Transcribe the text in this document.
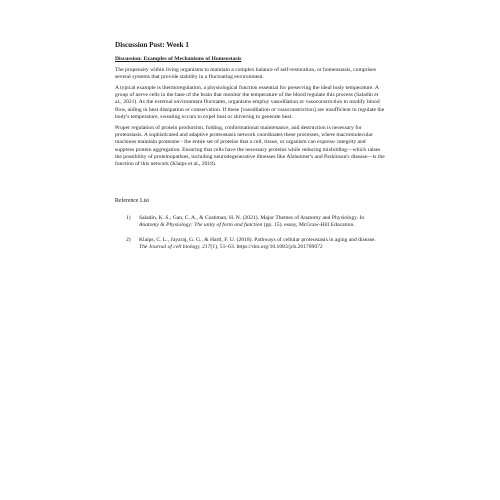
Discussion Post: Week 1
Discussion: Examples of Mechanisms of Homeostasis

The propensity within living organisms to maintain a complex balance of self-restoration, or homeostasis, comprises several systems that provide stability in a fluctuating environment.

A typical example is thermoregulation, a physiological function essential for preserving the ideal body temperature. A group of nerve cells in the base of the brain that monitor the temperature of the blood regulate this process (Saladin et al., 2021). As the external environment fluctuates, organisms employ vasodilation or vasoconstriction to modify blood flow, aiding in heat dissipation or conservation. If these [vasodilation or vasoconstriction] are insufficient to regulate the body's temperature, sweating occurs to expel heat or shivering to generate heat.

Proper regulation of protein production, folding, conformational maintenance, and destruction is necessary for proteostasis. A sophisticated and adaptive proteostasis network coordinates these processes, where macromolecular machines maintain proteome - the entire set of proteins that a cell, tissue, or organism can express- integrity and suppress protein aggregation. Ensuring that cells have the necessary proteins while reducing misfolding—which raises the possibility of proteinopathies, including neurodegenerative illnesses like Alzheimer's and Parkinson's disease—is the function of this network (Klaips et al., 2018).

Reference List
1) Saladin, K. S., Gan, C. A., & Cushman, H. N. (2021). Major Themes of Anatomy and Physiology. In Anatomy & Physiology: The unity of form and function (pp. 15). essay, McGraw-Hill Education.
2) Klaips, C. L., Jayaraj, G. G., & Hartl, F. U. (2018). Pathways of cellular proteostasis in aging and disease. The Journal of cell biology, 217(1), 51–63. https://doi.org/10.1083/jcb.201709072
